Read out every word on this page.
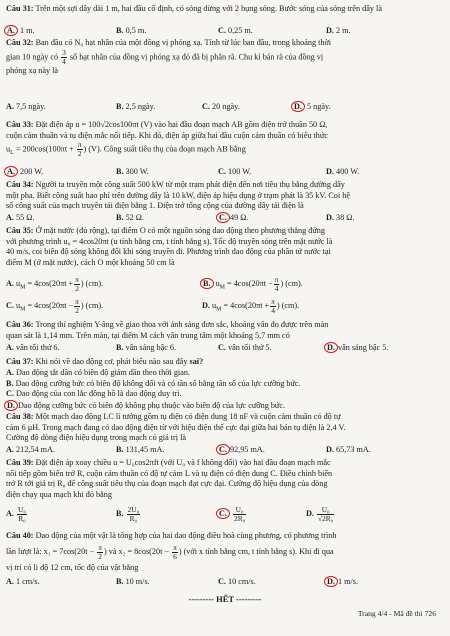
Câu 31: Trên một sợi dây dài 1 m, hai đầu cố định, có sóng dừng với 2 bụng sóng. Bước sóng của sóng trên dây là
A. 1 m.	B. 0,5 m.	C. 0,25 m.	D. 2 m.
Câu 32: Ban đầu có N₀ hạt nhân của một đồng vị phóng xạ. Tính từ lúc ban đầu, trong khoảng thời
gian 10 ngày có $\frac{3}{4}$ số hạt nhân của đồng vị phóng xạ đó đã bị phân rã. Chu kì bán rã của đồng vị
phóng xạ này là
A. 7,5 ngày.	B. 2,5 ngày.	C. 20 ngày.	D. 5 ngày.
Câu 33: Đặt điện áp u = 100√2cos100πt (V) vào hai đầu đoạn mạch AB gồm điện trở thuần 50 Ω,
cuộn cảm thuần và tụ điện mắc nối tiếp. Khi đó, điện áp giữa hai đầu cuộn cảm thuần có biểu thức
$u_L = 200\cos(100\pi t + \frac{\pi}{2}$ ) (V). Công suất tiêu thụ của đoạn mạch AB bằng
A. 200 W.	B. 300 W.	C. 100 W.	D. 400 W.
Câu 34: Người ta truyền một công suất 500 kW từ một trạm phát điện đến nơi tiêu thụ bằng đường dây
một pha. Biết công suất hao phí trên đường dây là 10 kW, điện áp hiệu dụng ở trạm phát là 35 kV. Coi hệ
số công suất của mạch truyền tải điện bằng 1. Điện trở tổng cộng của đường dây tải điện là
A. 55 Ω.	B. 52 Ω.	C. 49 Ω.	D. 38 Ω.
Câu 35: Ở mặt nước (đủ rộng), tại điểm O có một nguồn sóng dao động theo phương thẳng đứng
với phương trình u₀ = 4cos20πt (u tính bằng cm, t tính bằng s). Tốc độ truyền sóng trên mặt nước là
40 m/s, coi biên độ sóng không đổi khi sóng truyền đi. Phương trình dao động của phần tử nước tại
điểm M (ở mặt nước), cách O một khoảng 50 cm là
A. $u_M = 4\cos(20\pi t + \frac{\pi}{2}$ ) (cm).	B. $u_M = 4\cos(20\pi t - \frac{\pi}{4}$ ) (cm).
C. $u_M = 4\cos(20\pi t - \frac{\pi}{2}$ ) (cm).	D. $u_M = 4\cos(20\pi t + \frac{\pi}{4}$ ) (cm).
Câu 36: Trong thí nghiệm Y-âng về giao thoa với ánh sáng đơn sắc, khoảng vân đo được trên màn
quan sát là 1,14 mm. Trên màn, tại điểm M cách vân trung tâm một khoảng 5,7 mm có
A. vân tối thứ 6.	B. vân sáng bậc 6.	C. vân tối thứ 5.	D. vân sáng bậc 5.
Câu 37: Khi nói về dao động cơ, phát biểu nào sau đây sai?
A. Dao động tắt dần có biên độ giảm dần theo thời gian.
B. Dao động cưỡng bức có biên độ không đổi và có tần số bằng tần số của lực cưỡng bức.
C. Dao động của con lắc đồng hồ là dao động duy trì.
D. Dao động cưỡng bức có biên độ không phụ thuộc vào biên độ của lực cưỡng bức.
Câu 38: Một mạch dao động LC lí tưởng gồm tụ điện có điện dung 18 nF và cuộn cảm thuần có độ tự
cảm 6 μH. Trong mạch đang có dao động điện từ với hiệu điện thế cực đại giữa hai bản tụ điện là 2,4 V.
Cường độ dòng điện hiệu dụng trong mạch có giá trị là
A. 212,54 mA.	B. 131,45 mA.	C. 92,95 mA.	D. 65,73 mA.
Câu 39: Đặt điện áp xoay chiều u = U₀cos2πft (với U₀ và f không đổi) vào hai đầu đoạn mạch mắc
nối tiếp gồm biến trở R, cuộn cảm thuần có độ tự cảm L và tụ điện có điện dung C. Điều chỉnh biến
trở R tới giá trị R₀ để công suất tiêu thụ của đoạn mạch đạt cực đại. Cường độ hiệu dụng của dòng
điện chạy qua mạch khi đó bằng
A. $\frac{\text{U₀}}{\text{R₀}}$	B. $\frac{\text{2U₀}}{\text{R₀}}$	C. $\frac{\text{U₀}}{\text{2R₀}}$	D. $\frac{\text{U₀}}{\text{√2R₀}}$
Câu 40: Dao động của một vật là tổng hợp của hai dao động điều hoà cùng phương, có phương trình
lần lượt là: $x_1 = 7\cos(20t - \frac{\pi}{2}$ ) và $x_2 = 8\cos(20t - \frac{\pi}{6}$ ) (với x tính bằng cm, t tính bằng s). Khi đi qua
vị trí có li độ 12 cm, tốc độ của vật bằng
A. 1 cm/s.	B. 10 m/s.	C. 10 cm/s.	D. 1 m/s.
--------- HẾT ---------
Trang 4/4 - Mã đề thi 726
